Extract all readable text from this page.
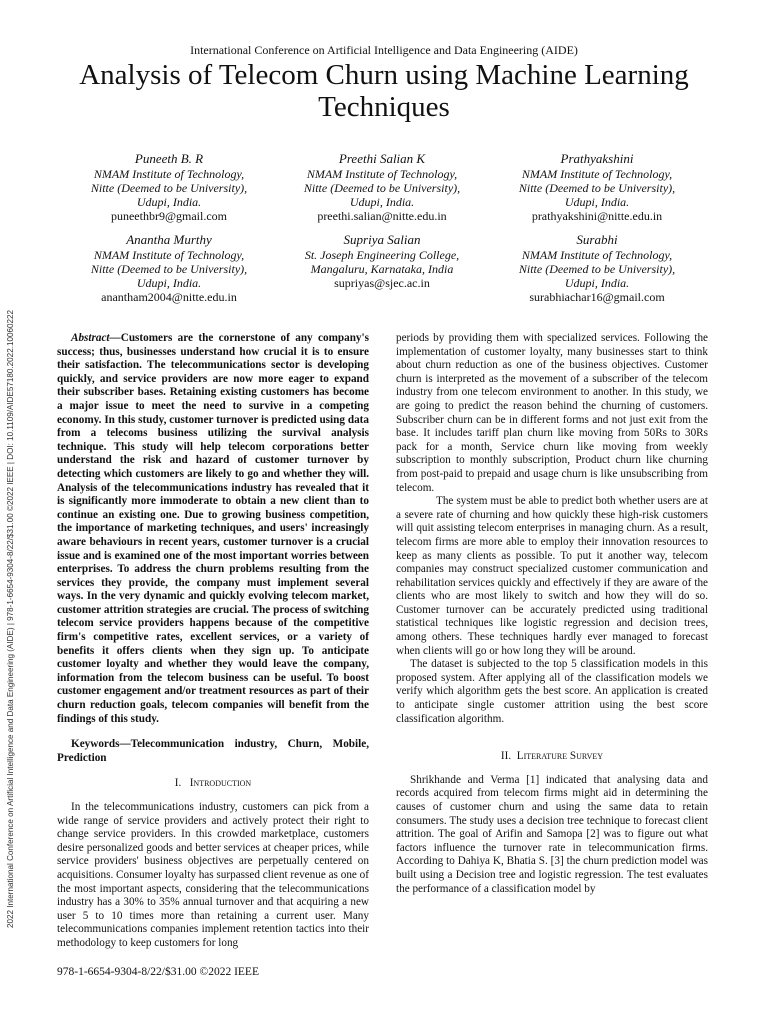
2022 International Conference on Artificial Intelligence and Data Engineering (AIDE) | 978-1-6654-9304-8/22/$31.00 ©2022 IEEE | DOI: 10.1109/AIDE57180.2022.10060222
International Conference on Artificial Intelligence and Data Engineering (AIDE)
Analysis of Telecom Churn using Machine Learning Techniques
Puneeth B. R
NMAM Institute of Technology,
Nitte (Deemed to be University),
Udupi, India.
puneethbr9@gmail.com
Preethi Salian K
NMAM Institute of Technology,
Nitte (Deemed to be University),
Udupi, India.
preethi.salian@nitte.edu.in
Prathyakshini
NMAM Institute of Technology,
Nitte (Deemed to be University),
Udupi, India.
prathyakshini@nitte.edu.in
Anantha Murthy
NMAM Institute of Technology,
Nitte (Deemed to be University),
Udupi, India.
anantham2004@nitte.edu.in
Supriya Salian
St. Joseph Engineering College,
Mangaluru, Karnataka, India
supriyas@sjec.ac.in
Surabhi
NMAM Institute of Technology,
Nitte (Deemed to be University),
Udupi, India.
surabhiachar16@gmail.com

Abstract—Customers are the cornerstone of any company's success; thus, businesses understand how crucial it is to ensure their satisfaction. The telecommunications sector is developing quickly, and service providers are now more eager to expand their subscriber bases. Retaining existing customers has become a major issue to meet the need to survive in a competing economy. In this study, customer turnover is predicted using data from a telecoms business utilizing the survival analysis technique. This study will help telecom corporations better understand the risk and hazard of customer turnover by detecting which customers are likely to go and whether they will. Analysis of the telecommunications industry has revealed that it is significantly more immoderate to obtain a new client than to continue an existing one. Due to growing business competition, the importance of marketing techniques, and users' increasingly aware behaviours in recent years, customer turnover is a crucial issue and is examined one of the most important worries between enterprises. To address the churn problems resulting from the services they provide, the company must implement several ways. In the very dynamic and quickly evolving telecom market, customer attrition strategies are crucial. The process of switching telecom service providers happens because of the competitive firm's competitive rates, excellent services, or a variety of benefits it offers clients when they sign up. To anticipate customer loyalty and whether they would leave the company, information from the telecom business can be useful. To boost customer engagement and/or treatment resources as part of their churn reduction goals, telecom companies will benefit from the findings of this study.

Keywords—Telecommunication industry, Churn, Mobile, Prediction

I. Introduction

In the telecommunications industry, customers can pick from a wide range of service providers and actively protect their right to change service providers. In this crowded marketplace, customers desire personalized goods and better services at cheaper prices, while service providers' business objectives are perpetually centered on acquisitions. Consumer loyalty has surpassed client revenue as one of the most important aspects, considering that the telecommunications industry has a 30% to 35% annual turnover and that acquiring a new user 5 to 10 times more than retaining a current user. Many telecommunications companies implement retention tactics into their methodology to keep customers for long

periods by providing them with specialized services. Following the implementation of customer loyalty, many businesses start to think about churn reduction as one of the business objectives. Customer churn is interpreted as the movement of a subscriber of the telecom industry from one telecom environment to another. In this study, we are going to predict the reason behind the churning of customers. Subscriber churn can be in different forms and not just exit from the base. It includes tariff plan churn like moving from 50Rs to 30Rs pack for a month, Service churn like moving from weekly subscription to monthly subscription, Product churn like churning from post-paid to prepaid and usage churn is like unsubscribing from telecom.

The system must be able to predict both whether users are at a severe rate of churning and how quickly these high-risk customers will quit assisting telecom enterprises in managing churn. As a result, telecom firms are more able to employ their innovation resources to keep as many clients as possible. To put it another way, telecom companies may construct specialized customer communication and rehabilitation services quickly and effectively if they are aware of the clients who are most likely to switch and how they will do so. Customer turnover can be accurately predicted using traditional statistical techniques like logistic regression and decision trees, among others. These techniques hardly ever managed to forecast when clients will go or how long they will be around.

The dataset is subjected to the top 5 classification models in this proposed system. After applying all of the classification models we verify which algorithm gets the best score. An application is created to anticipate single customer attrition using the best score classification algorithm.

II. Literature Survey

Shrikhande and Verma [1] indicated that analysing data and records acquired from telecom firms might aid in determining the causes of customer churn and using the same data to retain consumers. The study uses a decision tree technique to forecast client attrition. The goal of Arifin and Samopa [2] was to figure out what factors influence the turnover rate in telecommunication firms. According to Dahiya K, Bhatia S. [3] the churn prediction model was built using a Decision tree and logistic regression. The test evaluates the performance of a classification model by

978-1-6654-9304-8/22/$31.00 ©2022 IEEE
